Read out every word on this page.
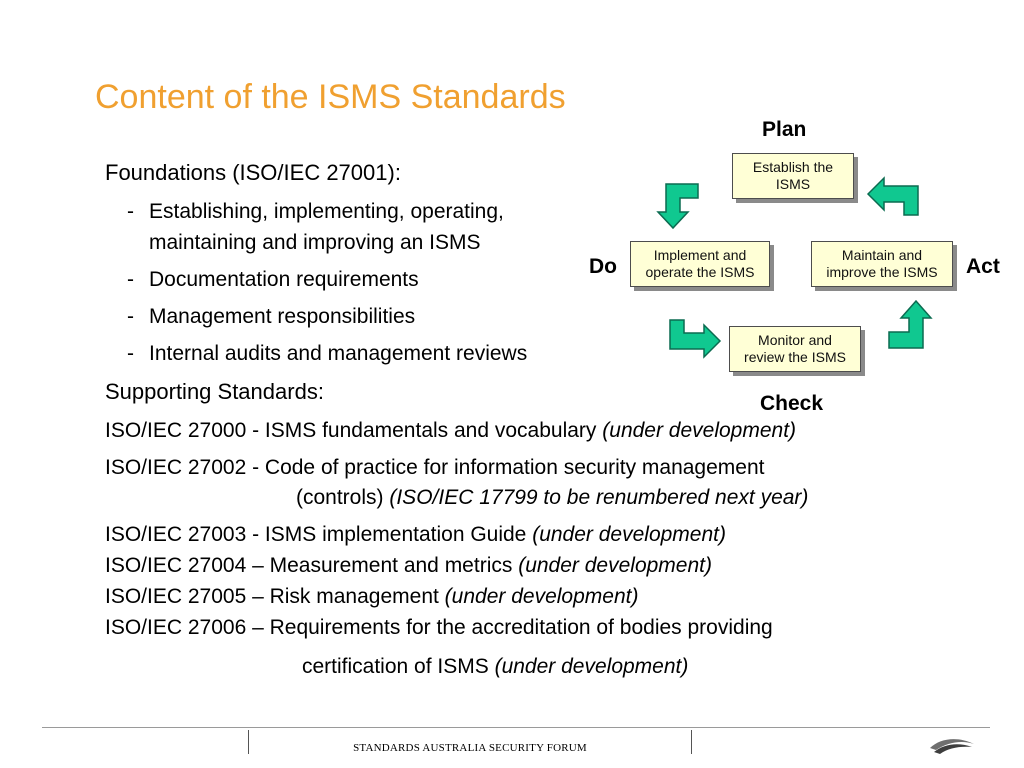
Content of the ISMS Standards
Foundations (ISO/IEC 27001):
- Establishing, implementing, operating,
maintaining and improving an ISMS
- Documentation requirements
- Management responsibilities
- Internal audits and management reviews
Supporting Standards:
ISO/IEC 27000 - ISMS fundamentals and vocabulary (under development)
ISO/IEC 27002 - Code of practice for information security management
(controls) (ISO/IEC 17799 to be renumbered next year)
ISO/IEC 27003 - ISMS implementation Guide (under development)
ISO/IEC 27004 – Measurement and metrics (under development)
ISO/IEC 27005 – Risk management (under development)
ISO/IEC 27006 – Requirements for the accreditation of bodies providing
certification of ISMS (under development)
Plan
Do	Act
Check
Establish the
ISMS
Implement and
operate the ISMS
Maintain and
improve the ISMS
Monitor and
review the ISMS
STANDARDS AUSTRALIA SECURITY FORUM
